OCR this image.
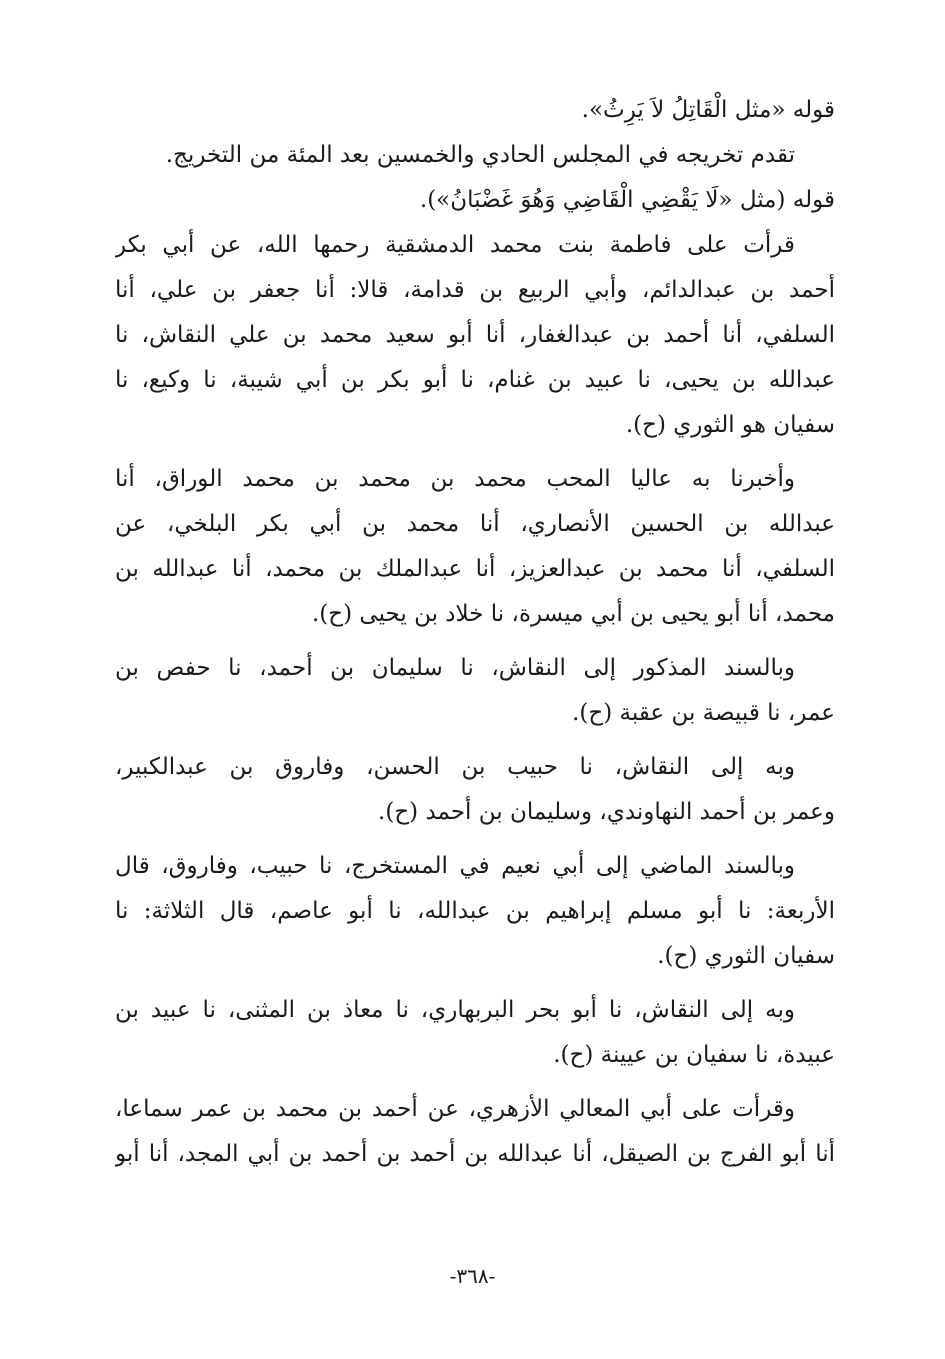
قوله «مثل الْقَاتِلُ لاَ يَرِثُ».
تقدم تخريجه في المجلس الحادي والخمسين بعد المئة من التخريج.
قوله (مثل «لَا يَقْضِي الْقَاضِي وَهُوَ غَضْبَانُ»).
قرأت على فاطمة بنت محمد الدمشقية رحمها الله، عن أبي بكر
أحمد بن عبدالدائم، وأبي الربيع بن قدامة، قالا: أنا جعفر بن علي، أنا
السلفي، أنا أحمد بن عبدالغفار، أنا أبو سعيد محمد بن علي النقاش، نا
عبدالله بن يحيى، نا عبيد بن غنام، نا أبو بكر بن أبي شيبة، نا وكيع، نا
سفيان هو الثوري (ح).
وأخبرنا به عاليا المحب محمد بن محمد بن محمد الوراق، أنا
عبدالله بن الحسين الأنصاري، أنا محمد بن أبي بكر البلخي، عن
السلفي، أنا محمد بن عبدالعزيز، أنا عبدالملك بن محمد، أنا عبدالله بن
محمد، أنا أبو يحيى بن أبي ميسرة، نا خلاد بن يحيى (ح).
وبالسند المذكور إلى النقاش، نا سليمان بن أحمد، نا حفص بن
عمر، نا قبيصة بن عقبة (ح).
وبه إلى النقاش، نا حبيب بن الحسن، وفاروق بن عبدالكبير،
وعمر بن أحمد النهاوندي، وسليمان بن أحمد (ح).
وبالسند الماضي إلى أبي نعيم في المستخرج، نا حبيب، وفاروق، قال
الأربعة: نا أبو مسلم إبراهيم بن عبدالله، نا أبو عاصم، قال الثلاثة: نا
سفيان الثوري (ح).
وبه إلى النقاش، نا أبو بحر البربهاري، نا معاذ بن المثنى، نا عبيد بن
عبيدة، نا سفيان بن عيينة (ح).
وقرأت على أبي المعالي الأزهري، عن أحمد بن محمد بن عمر سماعا،
أنا أبو الفرج بن الصيقل، أنا عبدالله بن أحمد بن أحمد بن أبي المجد، أنا أبو
-٣٦٨-
